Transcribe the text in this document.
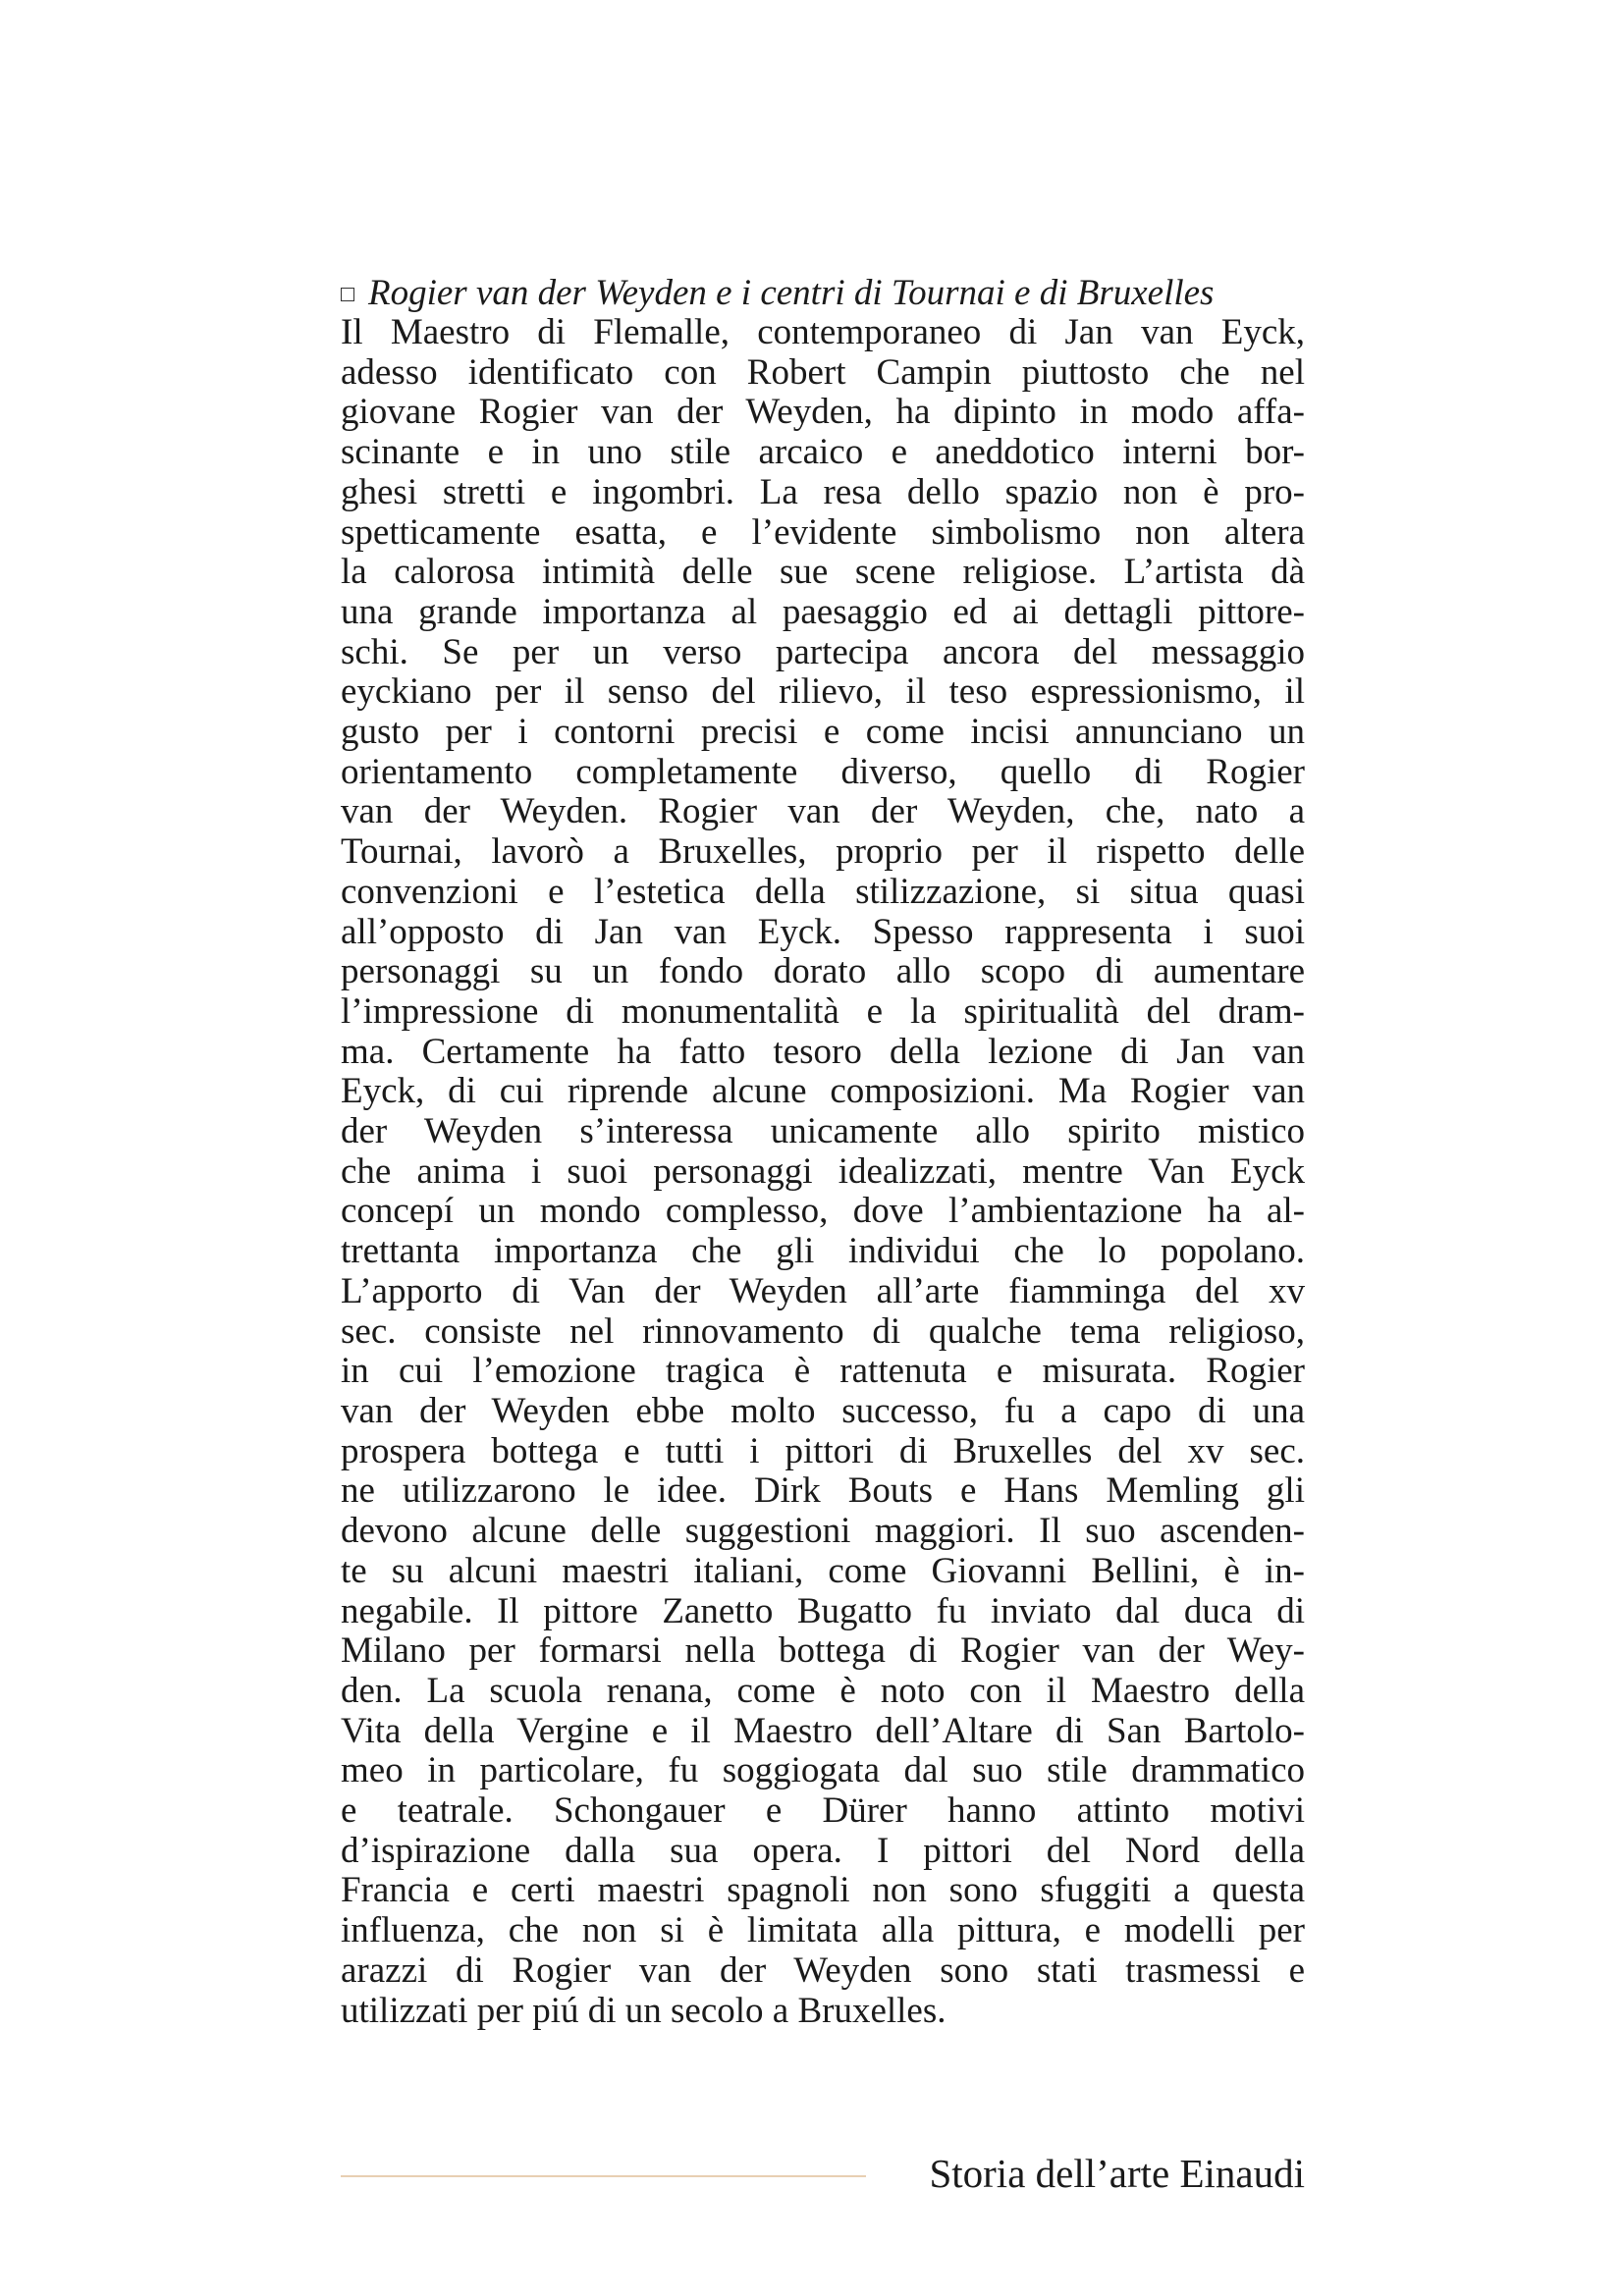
Rogier van der Weyden e i centri di Tournai e di Bruxelles
Il Maestro di Flemalle, contemporaneo di Jan van Eyck,
adesso identificato con Robert Campin piuttosto che nel
giovane Rogier van der Weyden, ha dipinto in modo affa-
scinante e in uno stile arcaico e aneddotico interni bor-
ghesi stretti e ingombri. La resa dello spazio non è pro-
spetticamente esatta, e l’evidente simbolismo non altera
la calorosa intimità delle sue scene religiose. L’artista dà
una grande importanza al paesaggio ed ai dettagli pittore-
schi. Se per un verso partecipa ancora del messaggio
eyckiano per il senso del rilievo, il teso espressionismo, il
gusto per i contorni precisi e come incisi annunciano un
orientamento completamente diverso, quello di Rogier
van der Weyden. Rogier van der Weyden, che, nato a
Tournai, lavorò a Bruxelles, proprio per il rispetto delle
convenzioni e l’estetica della stilizzazione, si situa quasi
all’opposto di Jan van Eyck. Spesso rappresenta i suoi
personaggi su un fondo dorato allo scopo di aumentare
l’impressione di monumentalità e la spiritualità del dram-
ma. Certamente ha fatto tesoro della lezione di Jan van
Eyck, di cui riprende alcune composizioni. Ma Rogier van
der Weyden s’interessa unicamente allo spirito mistico
che anima i suoi personaggi idealizzati, mentre Van Eyck
concepí un mondo complesso, dove l’ambientazione ha al-
trettanta importanza che gli individui che lo popolano.
L’apporto di Van der Weyden all’arte fiamminga del xv
sec. consiste nel rinnovamento di qualche tema religioso,
in cui l’emozione tragica è rattenuta e misurata. Rogier
van der Weyden ebbe molto successo, fu a capo di una
prospera bottega e tutti i pittori di Bruxelles del xv sec.
ne utilizzarono le idee. Dirk Bouts e Hans Memling gli
devono alcune delle suggestioni maggiori. Il suo ascenden-
te su alcuni maestri italiani, come Giovanni Bellini, è in-
negabile. Il pittore Zanetto Bugatto fu inviato dal duca di
Milano per formarsi nella bottega di Rogier van der Wey-
den. La scuola renana, come è noto con il Maestro della
Vita della Vergine e il Maestro dell’Altare di San Bartolo-
meo in particolare, fu soggiogata dal suo stile drammatico
e teatrale. Schongauer e Dürer hanno attinto motivi
d’ispirazione dalla sua opera. I pittori del Nord della
Francia e certi maestri spagnoli non sono sfuggiti a questa
influenza, che non si è limitata alla pittura, e modelli per
arazzi di Rogier van der Weyden sono stati trasmessi e
utilizzati per piú di un secolo a Bruxelles.
Storia dell’arte Einaudi
